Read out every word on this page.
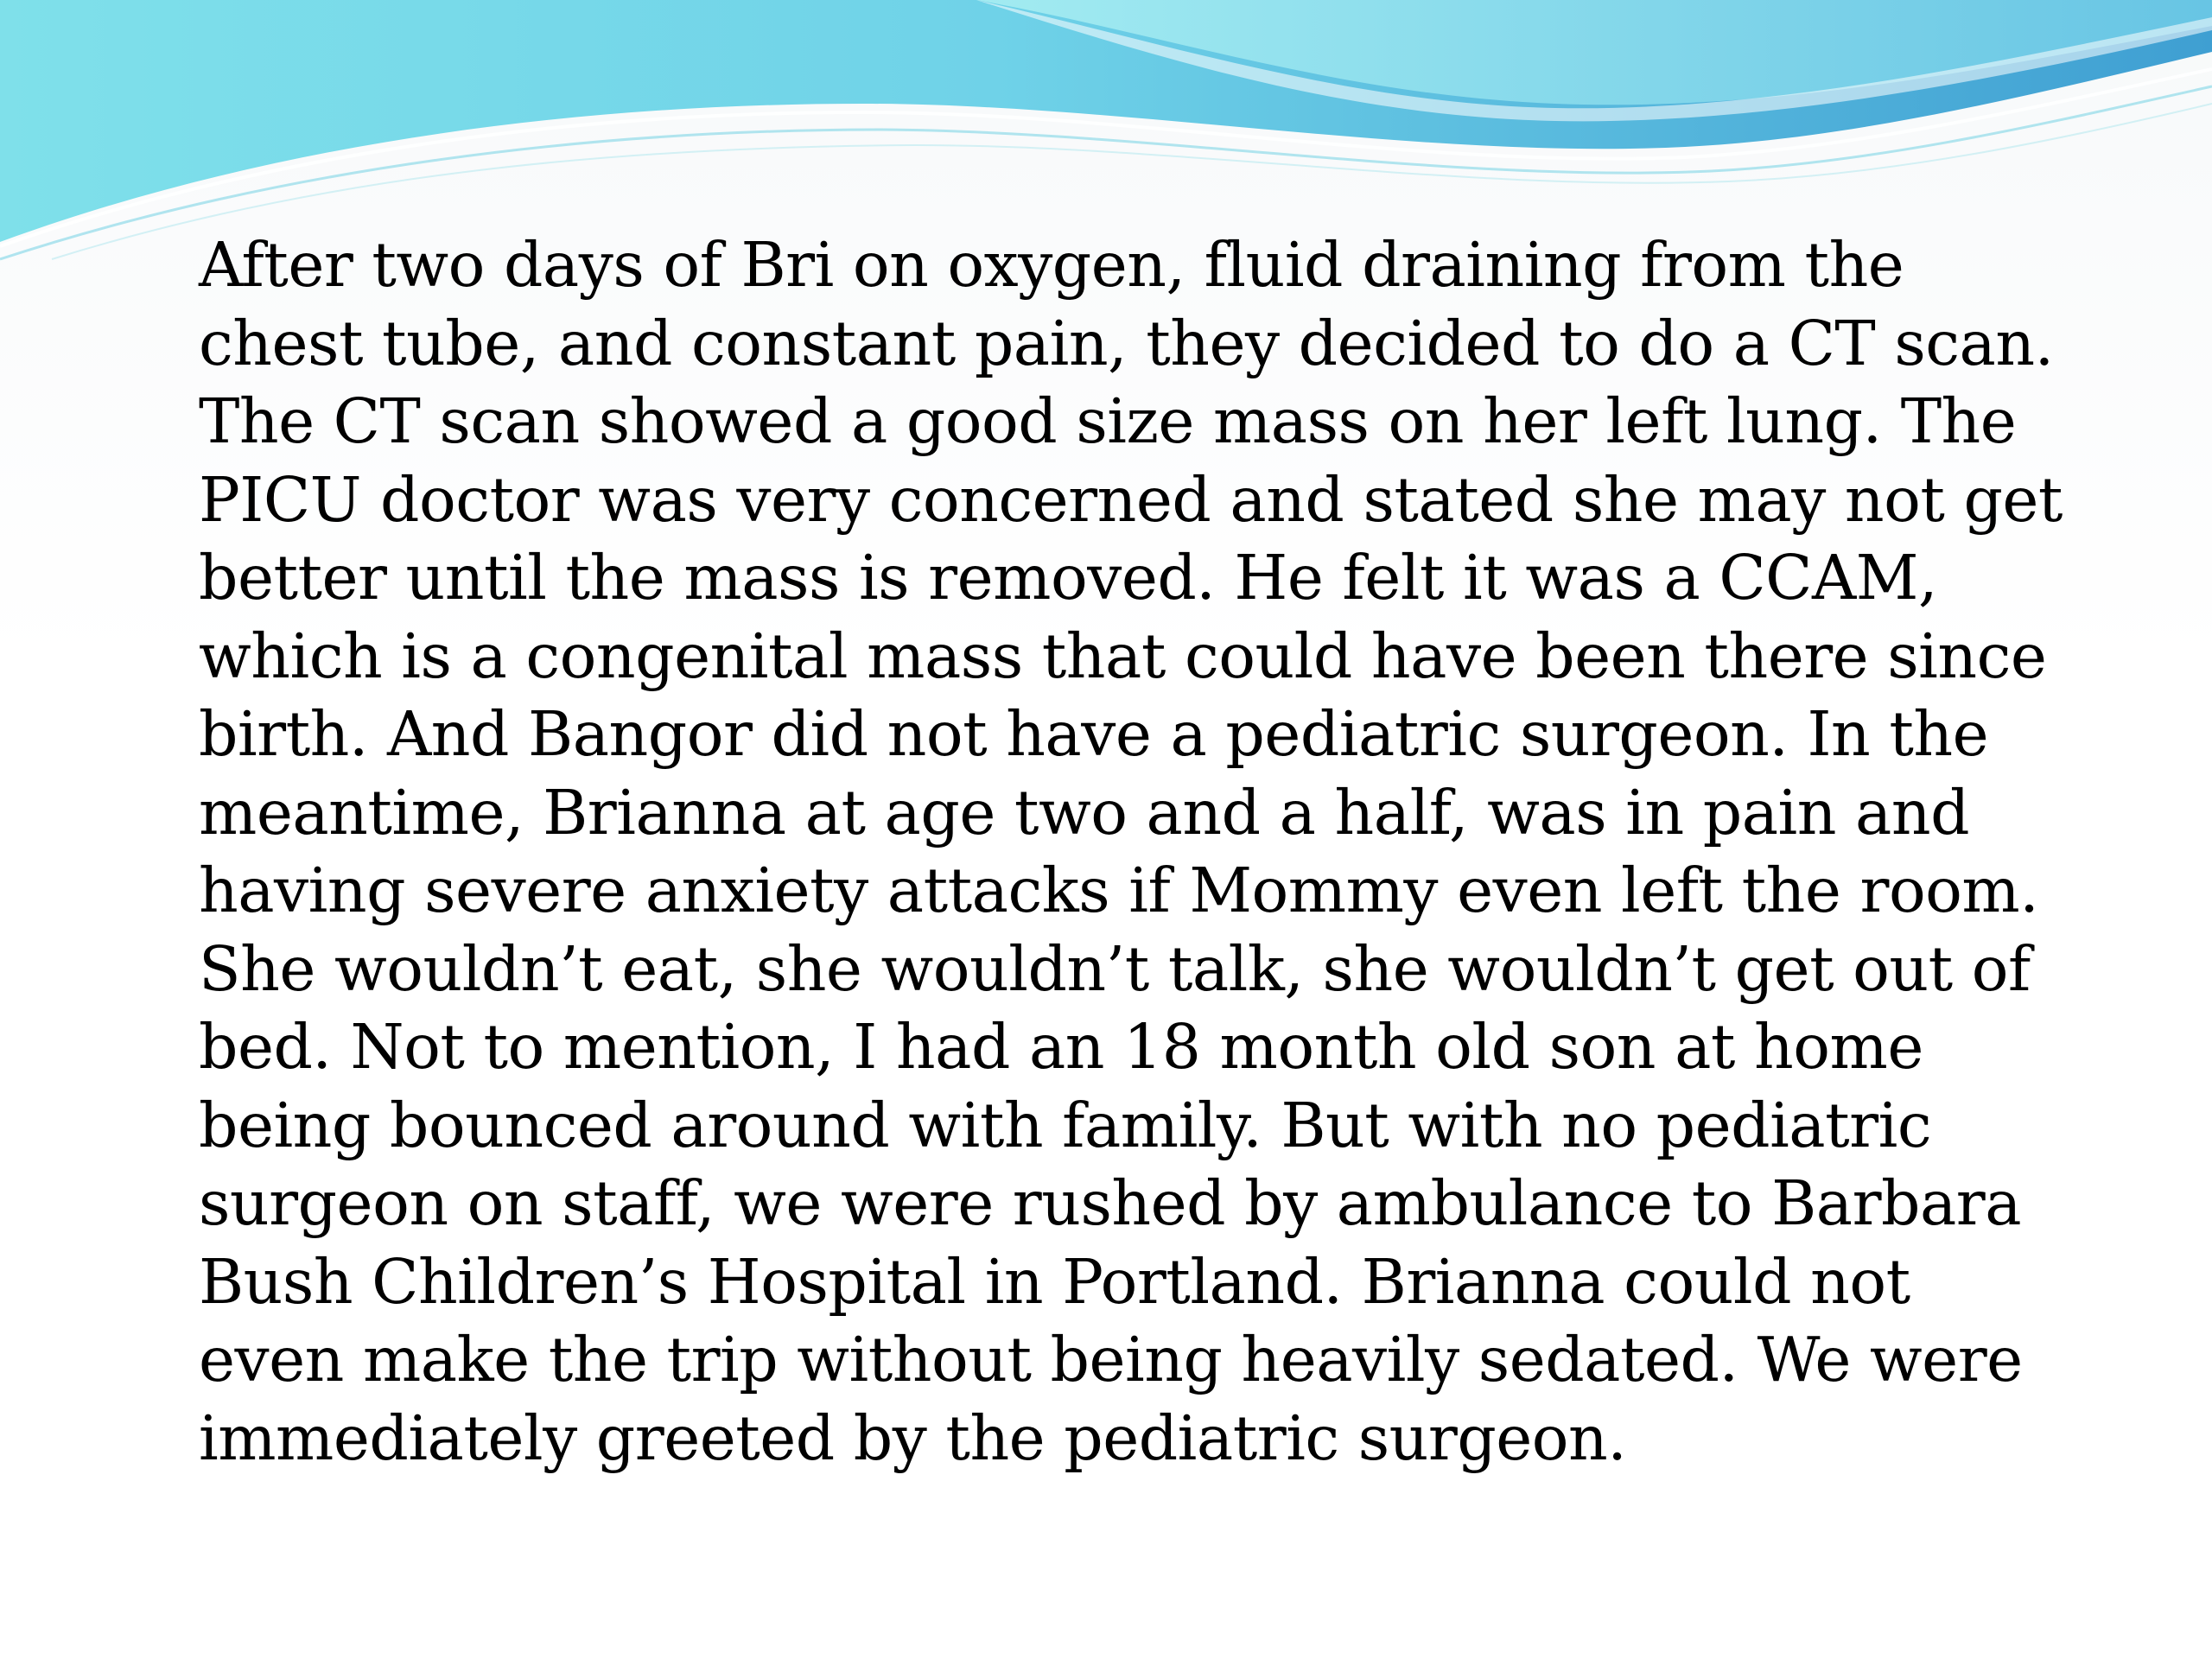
After two days of Bri on oxygen, fluid draining from the
chest tube, and constant pain, they decided to do a CT scan.
The CT scan showed a good size mass on her left lung. The
PICU doctor was very concerned and stated she may not get
better until the mass is removed. He felt it was a CCAM,
which is a congenital mass that could have been there since
birth. And Bangor did not have a pediatric surgeon. In the
meantime, Brianna at age two and a half, was in pain and
having severe anxiety attacks if Mommy even left the room.
She wouldn’t eat, she wouldn’t talk, she wouldn’t get out of
bed. Not to mention, I had an 18 month old son at home
being bounced around with family. But with no pediatric
surgeon on staff, we were rushed by ambulance to Barbara
Bush Children’s Hospital in Portland. Brianna could not
even make the trip without being heavily sedated. We were
immediately greeted by the pediatric surgeon.
